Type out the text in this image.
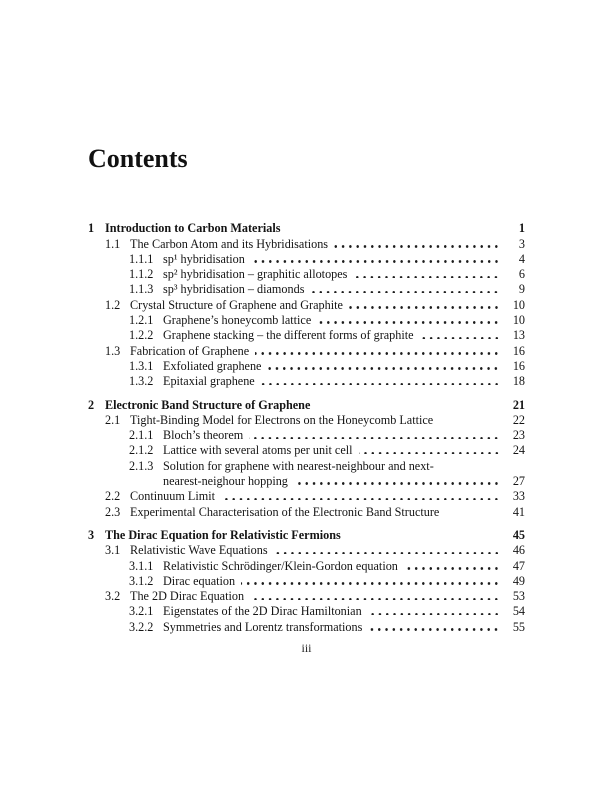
Contents
1 Introduction to Carbon Materials	1
1.1 The Carbon Atom and its Hybridisations	3
1.1.1 sp¹ hybridisation	4
1.1.2 sp² hybridisation – graphitic allotopes	6
1.1.3 sp³ hybridisation – diamonds	9
1.2 Crystal Structure of Graphene and Graphite	10
1.2.1 Graphene’s honeycomb lattice	10
1.2.2 Graphene stacking – the different forms of graphite	13
1.3 Fabrication of Graphene	16
1.3.1 Exfoliated graphene	16
1.3.2 Epitaxial graphene	18
2 Electronic Band Structure of Graphene	21
2.1 Tight-Binding Model for Electrons on the Honeycomb Lattice	22
2.1.1 Bloch’s theorem	23
2.1.2 Lattice with several atoms per unit cell	24
2.1.3 Solution for graphene with nearest-neighbour and next-
nearest-neighour hopping	27
2.2 Continuum Limit	33
2.3 Experimental Characterisation of the Electronic Band Structure	41
3 The Dirac Equation for Relativistic Fermions	45
3.1 Relativistic Wave Equations	46
3.1.1 Relativistic Schrödinger/Klein-Gordon equation	47
3.1.2 Dirac equation	49
3.2 The 2D Dirac Equation	53
3.2.1 Eigenstates of the 2D Dirac Hamiltonian	54
3.2.2 Symmetries and Lorentz transformations	55
iii
